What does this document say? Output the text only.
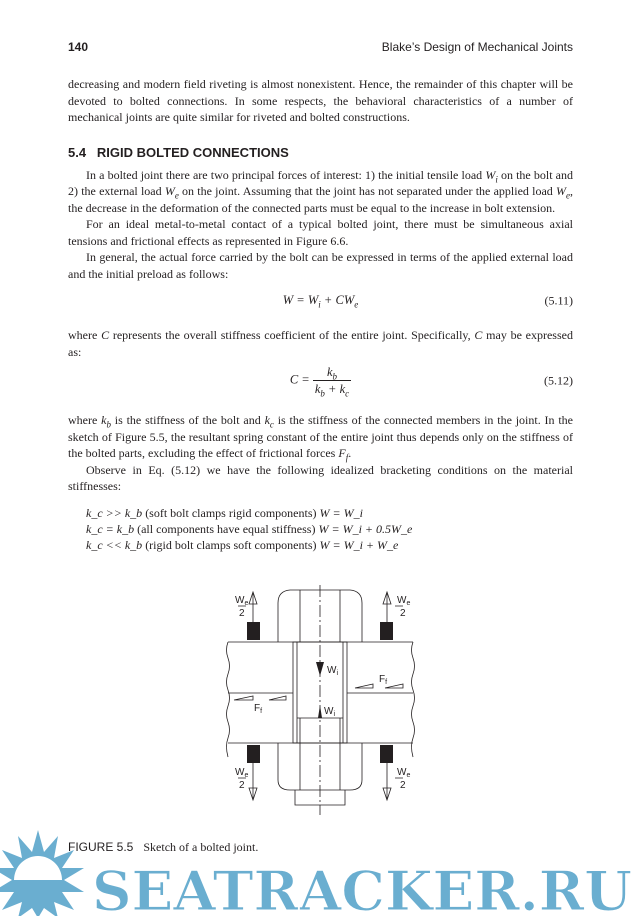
140	Blake’s Design of Mechanical Joints

decreasing and modern field riveting is almost nonexistent. Hence, the remainder of this chapter will be devoted to bolted connections. In some respects, the behavioral characteristics of a number of mechanical joints are quite similar for riveted and bolted constructions.

5.4 RIGID BOLTED CONNECTIONS

In a bolted joint there are two principal forces of interest: 1) the initial tensile load $W_i$ on the bolt and 2) the external load $W_e$ on the joint. Assuming that the joint has not separated under the applied load $W_e$, the decrease in the deformation of the connected parts must be equal to the increase in bolt extension.

For an ideal metal-to-metal contact of a typical bolted joint, there must be simultaneous axial tensions and frictional effects as represented in Figure 6.6.

In general, the actual force carried by the bolt can be expressed in terms of the applied external load and the initial preload as follows:

$W = W_i + CW_e$	(5.11)

where C represents the overall stiffness coefficient of the entire joint. Specifically, C may be expressed as:

$C = \frac{k_b}{k_b + k_c}$	(5.12)

where $k_b$ is the stiffness of the bolt and $k_c$ is the stiffness of the connected members in the joint. In the sketch of Figure 5.5, the resultant spring constant of the entire joint thus depends only on the stiffness of the bolted parts, excluding the effect of frictional forces $F_f$.

Observe in Eq. (5.12) we have the following idealized bracketing conditions on the material stiffnesses:

k_c >> k_b (soft bolt clamps rigid components) W = W_i
k_c = k_b (all components have equal stiffness) W = W_i + 0.5W_e
k_c << k_b (rigid bolt clamps soft components) W = W_i + W_e
$W_e$
2
$W_e$
2
$W_e$
2
$W_e$
2
$W_i$
$W_i$
$F_f$
$F_f$
SEATRACKER.RU
FIGURE 5.5 Sketch of a bolted joint.
